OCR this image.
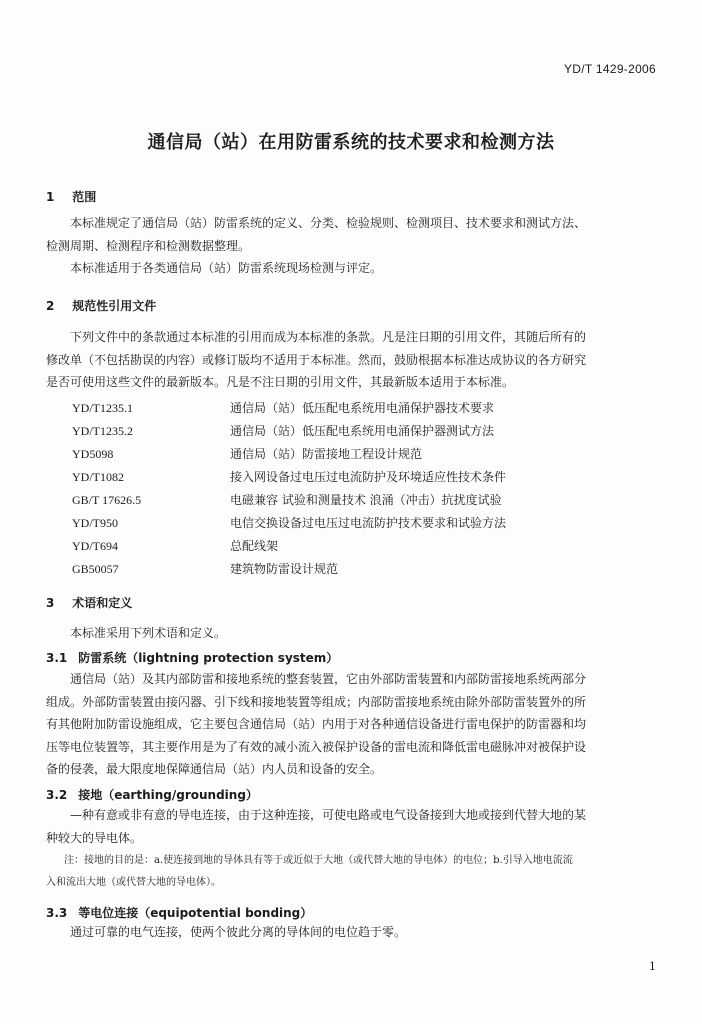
YD/T 1429-2006
通信局（站）在用防雷系统的技术要求和检测方法
1 范围

本标准规定了通信局（站）防雷系统的定义、分类、检验规则、检测项目、技术要求和测试方法、

检测周期、检测程序和检测数据整理。

本标准适用于各类通信局（站）防雷系统现场检测与评定。

2 规范性引用文件

下列文件中的条款通过本标准的引用而成为本标准的条款。凡是注日期的引用文件，其随后所有的

修改单（不包括勘误的内容）或修订版均不适用于本标准。然而，鼓励根据本标准达成协议的各方研究

是否可使用这些文件的最新版本。凡是不注日期的引用文件，其最新版本适用于本标准。

YD/T1235.1	通信局（站）低压配电系统用电涌保护器技术要求
YD/T1235.2	通信局（站）低压配电系统用电涌保护器测试方法
YD5098	通信局（站）防雷接地工程设计规范
YD/T1082	接入网设备过电压过电流防护及环境适应性技术条件
GB/T 17626.5	电磁兼容 试验和测量技术 浪涌（冲击）抗扰度试验
YD/T950	电信交换设备过电压过电流防护技术要求和试验方法
YD/T694	总配线架
GB50057	建筑物防雷设计规范
3 术语和定义
本标准采用下列术语和定义。
3.1 防雷系统（lightning protection system）

通信局（站）及其内部防雷和接地系统的整套装置，它由外部防雷装置和内部防雷接地系统两部分

组成。外部防雷装置由接闪器、引下线和接地装置等组成；内部防雷接地系统由除外部防雷装置外的所

有其他附加防雷设施组成，它主要包含通信局（站）内用于对各种通信设备进行雷电保护的防雷器和均

压等电位装置等，其主要作用是为了有效的减小流入被保护设备的雷电流和降低雷电磁脉冲对被保护设

备的侵袭，最大限度地保障通信局（站）内人员和设备的安全。

3.2 接地（earthing/grounding）

—种有意或非有意的导电连接，由于这种连接，可使电路或电气设备接到大地或接到代替大地的某

种较大的导电体。

注：接地的目的是：a.使连接到地的导体具有等于或近似于大地（或代替大地的导电体）的电位；b.引导入地电流流
入和流出大地（或代替大地的导电体）。
3.3 等电位连接（equipotential bonding）

通过可靠的电气连接，使两个彼此分离的导体间的电位趋于零。

1
